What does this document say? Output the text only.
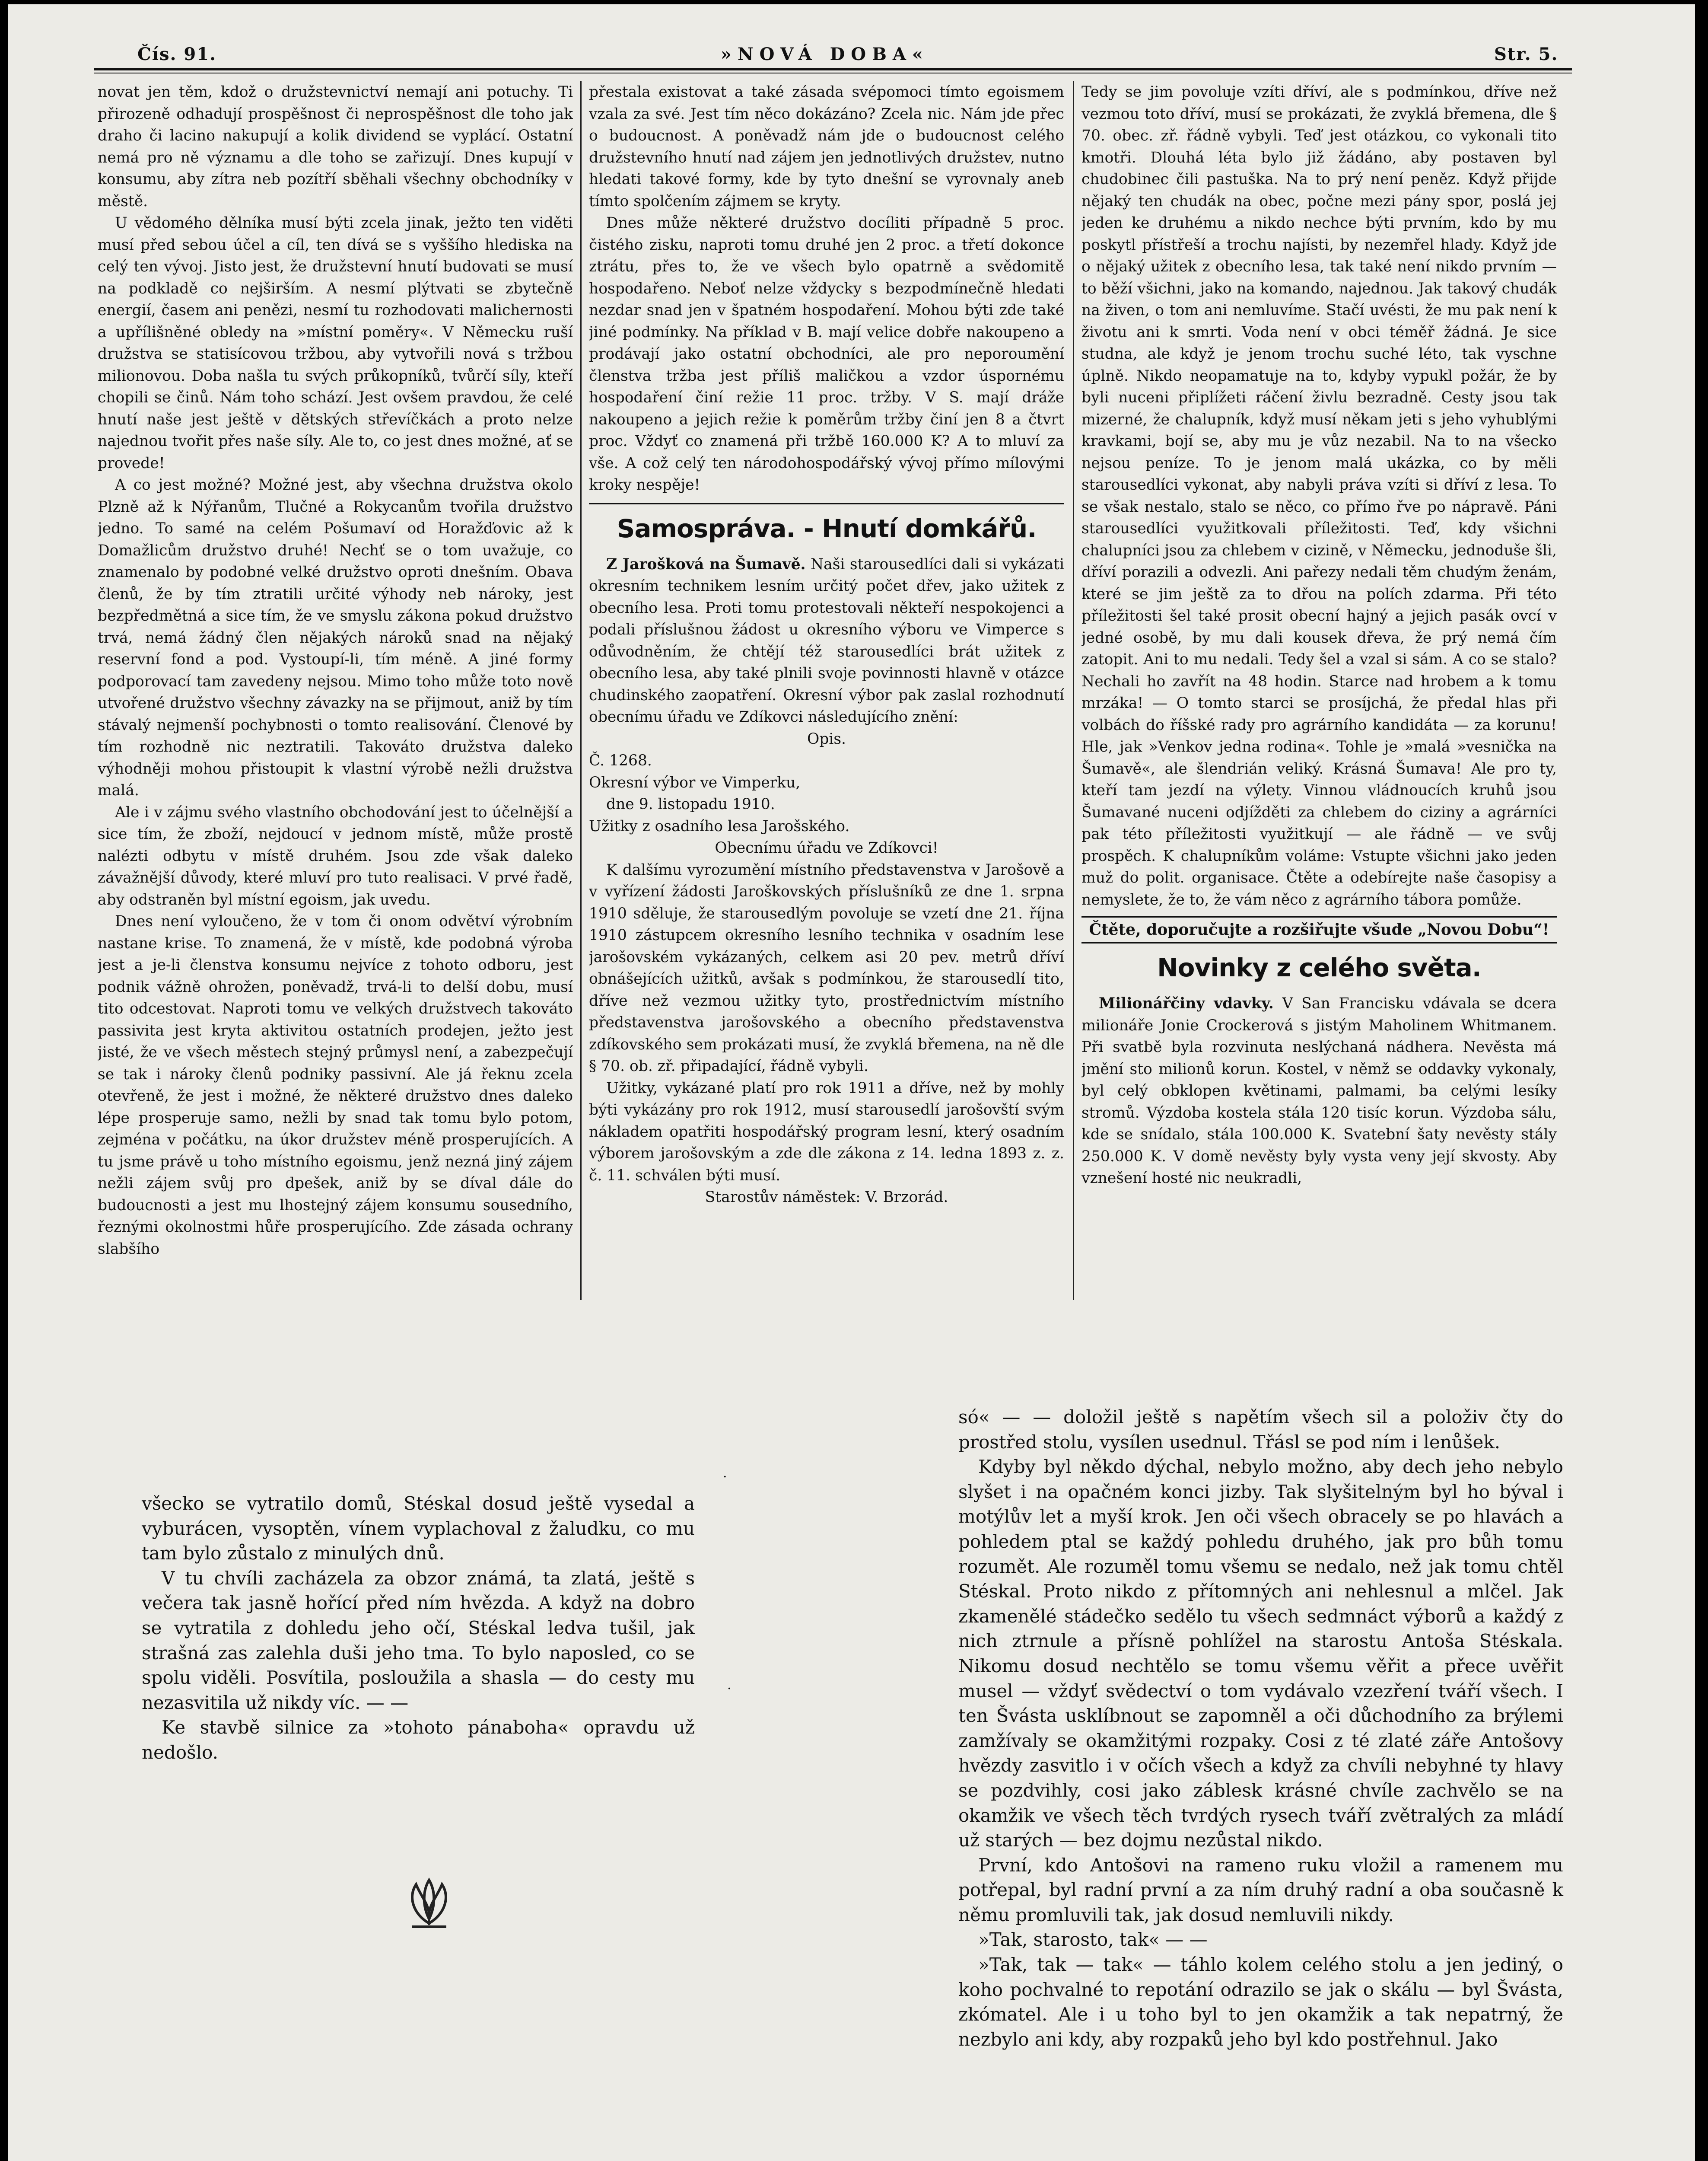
Čís. 91.	»NOVÁ DOBA«	Str. 5.

novat jen těm, kdož o družstevnictví nemají ani potuchy. Ti přirozeně odhadují prospěšnost či neprospěšnost dle toho jak draho či lacino nakupují a kolik dividend se vyplácí. Ostatní nemá pro ně významu a dle toho se zařizují. Dnes kupují v konsumu, aby zítra neb pozítří sběhali všechny obchodníky v městě.

U vědomého dělníka musí býti zcela jinak, ježto ten viděti musí před sebou účel a cíl, ten dívá se s vyššího hlediska na celý ten vývoj. Jisto jest, že družstevní hnutí budovati se musí na podkladě co nejširším. A nesmí plýtvati se zbytečně energií, časem ani penězi, nesmí tu rozhodovati malichernosti a upřílišněné obledy na »místní poměry«. V Německu ruší družstva se statisícovou tržbou, aby vytvořili nová s tržbou milionovou. Doba našla tu svých průkopníků, tvůrčí síly, kteří chopili se činů. Nám toho schází. Jest ovšem pravdou, že celé hnutí naše jest ještě v dětských střevíčkách a proto nelze najednou tvořit přes naše síly. Ale to, co jest dnes možné, ať se provede!

A co jest možné? Možné jest, aby všechna družstva okolo Plzně až k Nýřanům, Tlučné a Rokycanům tvořila družstvo jedno. To samé na celém Pošumaví od Horažďovic až k Domažlicům družstvo druhé! Nechť se o tom uvažuje, co znamenalo by podobné velké družstvo oproti dnešním. Obava členů, že by tím ztratili určité výhody neb nároky, jest bezpředmětná a sice tím, že ve smyslu zákona pokud družstvo trvá, nemá žádný člen nějakých nároků snad na nějaký reservní fond a pod. Vystoupí-li, tím méně. A jiné formy podporovací tam zavedeny nejsou. Mimo toho může toto nově utvořené družstvo všechny závazky na se přijmout, aniž by tím stávalý nejmenší pochybnosti o tomto realisování. Členové by tím rozhodně nic neztratili. Takováto družstva daleko výhodněji mohou přistoupit k vlastní výrobě nežli družstva malá.

Ale i v zájmu svého vlastního obchodování jest to účelnější a sice tím, že zboží, nejdoucí v jednom místě, může prostě nalézti odbytu v místě druhém. Jsou zde však daleko závažnější důvody, které mluví pro tuto realisaci. V prvé řadě, aby odstraněn byl místní egoism, jak uvedu.

Dnes není vyloučeno, že v tom či onom odvětví výrobním nastane krise. To znamená, že v místě, kde podobná výroba jest a je-li členstva konsumu nejvíce z tohoto odboru, jest podnik vážně ohrožen, poněvadž, trvá-li to delší dobu, musí tito odcestovat. Naproti tomu ve velkých družstvech takováto passivita jest kryta aktivitou ostatních prodejen, ježto jest jisté, že ve všech městech stejný průmysl není, a zabezpečují se tak i nároky členů podniky passivní. Ale já řeknu zcela otevřeně, že jest i možné, že některé družstvo dnes daleko lépe prosperuje samo, nežli by snad tak tomu bylo potom, zejména v počátku, na úkor družstev méně prosperujících. A tu jsme právě u toho místního egoismu, jenž nezná jiný zájem nežli zájem svůj pro dpešek, aniž by se díval dále do budoucnosti a jest mu lhostejný zájem konsumu sousedního, řeznými okolnostmi hůře prosperujícího. Zde zásada ochrany slabšího

přestala existovat a také zásada svépomoci tímto egoismem vzala za své. Jest tím něco dokázáno? Zcela nic. Nám jde přec o budoucnost. A poněvadž nám jde o budoucnost celého družstevního hnutí nad zájem jen jednotlivých družstev, nutno hledati takové formy, kde by tyto dnešní se vyrovnaly aneb tímto spolčením zájmem se kryty.

Dnes může některé družstvo docíliti případně 5 proc. čistého zisku, naproti tomu druhé jen 2 proc. a třetí dokonce ztrátu, přes to, že ve všech bylo opatrně a svědomitě hospodařeno. Neboť nelze vždycky s bezpodmínečně hledati nezdar snad jen v špatném hospodaření. Mohou býti zde také jiné podmínky. Na příklad v B. mají velice dobře nakoupeno a prodávají jako ostatní obchodníci, ale pro neporoumění členstva tržba jest příliš maličkou a vzdor úspornému hospodaření činí režie 11 proc. tržby. V S. mají dráže nakoupeno a jejich režie k poměrům tržby činí jen 8 a čtvrt proc. Vždyť co znamená při tržbě 160.000 K? A to mluví za vše. A což celý ten národohospodářský vývoj přímo mílovými kroky nespěje!

Samospráva. - Hnutí domkářů.

Z Jarošková na Šumavě. Naši starousedlíci dali si vykázati okresním technikem lesním určitý počet dřev, jako užitek z obecního lesa. Proti tomu protestovali někteří nespokojenci a podali příslušnou žádost u okresního výboru ve Vimperce s odůvodněním, že chtějí též starousedlíci brát užitek z obecního lesa, aby také plnili svoje povinnosti hlavně v otázce chudinského zaopatření. Okresní výbor pak zaslal rozhodnutí obecnímu úřadu ve Zdíkovci následujícího znění:

Opis.

Č. 1268.

Okresní výbor ve Vimperku,

dne 9. listopadu 1910.

Užitky z osadního lesa Jarošského.

Obecnímu úřadu ve Zdíkovci!

K dalšímu vyrozumění místního představenstva v Jarošově a v vyřízení žádosti Jaroškovských příslušníků ze dne 1. srpna 1910 sděluje, že starousedlým povoluje se vzetí dne 21. října 1910 zástupcem okresního lesního technika v osadním lese jarošovském vykázaných, celkem asi 20 pev. metrů dříví obnášejících užitků, avšak s podmínkou, že starousedlí tito, dříve než vezmou užitky tyto, prostřednictvím místního představenstva jarošovského a obecního představenstva zdíkovského sem prokázati musí, že zvyklá břemena, na ně dle § 70. ob. zř. připadající, řádně vybyli.

Užitky, vykázané platí pro rok 1911 a dříve, než by mohly býti vykázány pro rok 1912, musí starousedlí jarošovští svým nákladem opatřiti hospodářský program lesní, který osadním výborem jarošovským a zde dle zákona z 14. ledna 1893 z. z. č. 11. schválen býti musí.

Starostův náměstek: V. Brzorád.

Tedy se jim povoluje vzíti dříví, ale s podmínkou, dříve než vezmou toto dříví, musí se prokázati, že zvyklá břemena, dle § 70. obec. zř. řádně vybyli. Teď jest otázkou, co vykonali tito kmotři. Dlouhá léta bylo již žádáno, aby postaven byl chudobinec čili pastuška. Na to prý není peněz. Když přijde nějaký ten chudák na obec, počne mezi pány spor, poslá jej jeden ke druhému a nikdo nechce býti prvním, kdo by mu poskytl přístřeší a trochu najísti, by nezemřel hlady. Když jde o nějaký užitek z obecního lesa, tak také není nikdo prvním — to běží všichni, jako na komando, najednou. Jak takový chudák na živen, o tom ani nemluvíme. Stačí uvésti, že mu pak není k životu ani k smrti. Voda není v obci téměř žádná. Je sice studna, ale když je jenom trochu suché léto, tak vyschne úplně. Nikdo neopamatuje na to, kdyby vypukl požár, že by byli nuceni připlížeti ráčení živlu bezradně. Cesty jsou tak mizerné, že chalupník, když musí někam jeti s jeho vyhublými kravkami, bojí se, aby mu je vůz nezabil. Na to na všecko nejsou peníze. To je jenom malá ukázka, co by měli starousedlíci vykonat, aby nabyli práva vzíti si dříví z lesa. To se však nestalo, stalo se něco, co přímo řve po nápravě. Páni starousedlíci využitkovali příležitosti. Teď, kdy všichni chalupníci jsou za chlebem v cizině, v Německu, jednoduše šli, dříví porazili a odvezli. Ani pařezy nedali těm chudým ženám, které se jim ještě za to dřou na polích zdarma. Při této příležitosti šel také prosit obecní hajný a jejich pasák ovcí v jedné osobě, by mu dali kousek dřeva, že prý nemá čím zatopit. Ani to mu nedali. Tedy šel a vzal si sám. A co se stalo? Nechali ho zavřít na 48 hodin. Starce nad hrobem a k tomu mrzáka! — O tomto starci se prosíjchá, že předal hlas při volbách do říšské rady pro agrárního kandidáta — za korunu! Hle, jak »Venkov jedna rodina«. Tohle je »malá »vesnička na Šumavě«, ale šlendrián veliký. Krásná Šumava! Ale pro ty, kteří tam jezdí na výlety. Vinnou vládnoucích kruhů jsou Šumavané nuceni odjížděti za chlebem do ciziny a agrárníci pak této příležitosti využitkují — ale řádně — ve svůj prospěch. K chalupníkům voláme: Vstupte všichni jako jeden muž do polit. organisace. Čtěte a odebírejte naše časopisy a nemyslete, že to, že vám něco z agrárního tábora pomůže.

Čtěte, doporučujte a rozšiřujte všude „Novou Dobu“!
Novinky z celého světa.

Milionářčiny vdavky. V San Francisku vdávala se dcera milionáře Jonie Crockerová s jistým Maholinem Whitmanem. Při svatbě byla rozvinuta neslýchaná nádhera. Nevěsta má jmění sto milionů korun. Kostel, v němž se oddavky vykonaly, byl celý obklopen květinami, palmami, ba celými lesíky stromů. Výzdoba kostela stála 120 tisíc korun. Výzdoba sálu, kde se snídalo, stála 100.000 K. Svatební šaty nevěsty stály 250.000 K. V domě nevěsty byly vysta veny její skvosty. Aby vznešení hosté nic neukradli,

všecko se vytratilo domů, Stéskal dosud ještě vysedal a vyburácen, vysoptěn, vínem vyplachoval z žaludku, co mu tam bylo zůstalo z minulých dnů.

V tu chvíli zacházela za obzor známá, ta zlatá, ještě s večera tak jasně hořící před ním hvězda. A když na dobro se vytratila z dohledu jeho očí, Stéskal ledva tušil, jak strašná zas zalehla duši jeho tma. To bylo naposled, co se spolu viděli. Posvítila, posloužila a shasla — do cesty mu nezasvitila už nikdy víc. — —

Ke stavbě silnice za »tohoto pánaboha« opravdu už nedošlo.

só« — — doložil ještě s napětím všech sil a položiv čty do prostřed stolu, vysílen usednul. Třásl se pod ním i lenůšek.

Kdyby byl někdo dýchal, nebylo možno, aby dech jeho nebylo slyšet i na opačném konci jizby. Tak slyšitelným byl ho býval i motýlův let a myší krok. Jen oči všech obracely se po hlavách a pohledem ptal se každý pohledu druhého, jak pro bůh tomu rozumět. Ale rozuměl tomu všemu se nedalo, než jak tomu chtěl Stéskal. Proto nikdo z přítomných ani nehlesnul a mlčel. Jak zkamenělé stádečko sedělo tu všech sedmnáct výborů a každý z nich ztrnule a přísně pohlížel na starostu Antoša Stéskala. Nikomu dosud nechtělo se tomu všemu věřit a přece uvěřit musel — vždyť svědectví o tom vydávalo vzezření tváří všech. I ten Švásta usklíbnout se zapomněl a oči důchodního za brýlemi zamžívaly se okamžitými rozpaky. Cosi z té zlaté záře Antošovy hvězdy zasvitlo i v očích všech a když za chvíli nebyhné ty hlavy se pozdvihly, cosi jako záblesk krásné chvíle zachvělo se na okamžik ve všech těch tvrdých rysech tváří zvětralých za mládí už starých — bez dojmu nezůstal nikdo.

První, kdo Antošovi na rameno ruku vložil a ramenem mu potřepal, byl radní první a za ním druhý radní a oba současně k němu promluvili tak, jak dosud nemluvili nikdy.

»Tak, starosto, tak« — —

»Tak, tak — tak« — táhlo kolem celého stolu a jen jediný, o koho pochvalné to repotání odrazilo se jak o skálu — byl Švásta, zkómatel. Ale i u toho byl to jen okamžik a tak nepatrný, že nezbylo ani kdy, aby rozpaků jeho byl kdo postřehnul. Jako

·
·
